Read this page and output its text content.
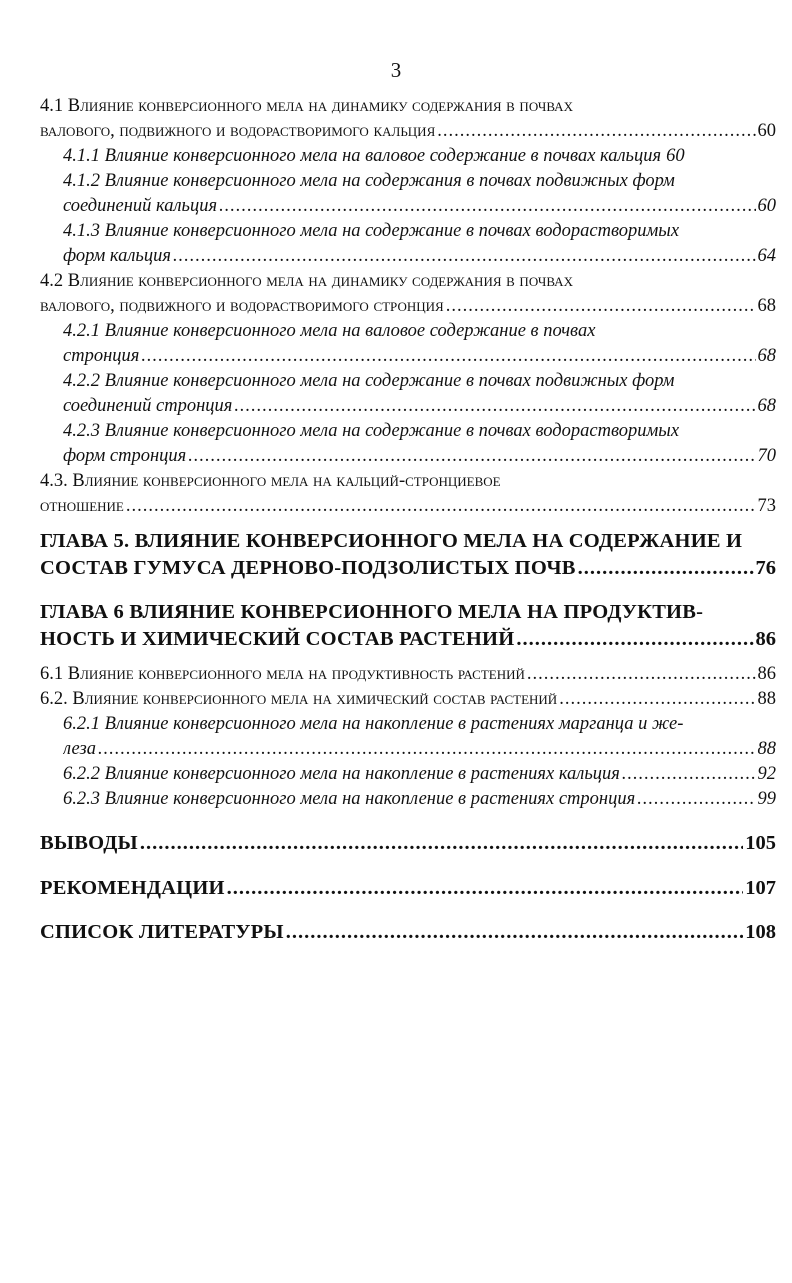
3
4.1 Влияние конверсионного мела на динамику содержания в почвах
валового, подвижного и водорастворимого кальция .....	60
4.1.1 Влияние конверсионного мела на валовое содержание в почвах кальция 60
4.1.2 Влияние конверсионного мела на содержания в почвах подвижных форм
соединений кальция .....	60
4.1.3 Влияние конверсионного мела на содержание в почвах водорастворимых
форм кальция .....	64
4.2 Влияние конверсионного мела на динамику содержания в почвах
валового, подвижного и водорастворимого стронция .....	68
4.2.1 Влияние конверсионного мела на валовое содержание в почвах
стронция .....	68
4.2.2 Влияние конверсионного мела на содержание в почвах подвижных форм
соединений стронция .....	68
4.2.3 Влияние конверсионного мела на содержание в почвах водорастворимых
форм стронция .....	70
4.3. Влияние конверсионного мела на кальций-стронциевое
отношение .....	73
ГЛАВА 5. ВЛИЯНИЕ КОНВЕРСИОННОГО МЕЛА НА СОДЕРЖАНИЕ И
СОСТАВ ГУМУСА ДЕРНОВО-ПОДЗОЛИСТЫХ ПОЧВ .....	76
ГЛАВА 6 ВЛИЯНИЕ КОНВЕРСИОННОГО МЕЛА НА ПРОДУКТИВ-
НОСТЬ И ХИМИЧЕСКИЙ СОСТАВ РАСТЕНИЙ .....	86
6.1 Влияние конверсионного мела на продуктивность растений .....	86
6.2. Влияние конверсионного мела на химический состав растений .....	88
6.2.1 Влияние конверсионного мела на накопление в растениях марганца и же-
леза .....	88
6.2.2 Влияние конверсионного мела на накопление в растениях кальция .....	92
6.2.3 Влияние конверсионного мела на накопление в растениях стронция .....	99
ВЫВОДЫ .....	105
РЕКОМЕНДАЦИИ .....	107
СПИСОК ЛИТЕРАТУРЫ .....	108
